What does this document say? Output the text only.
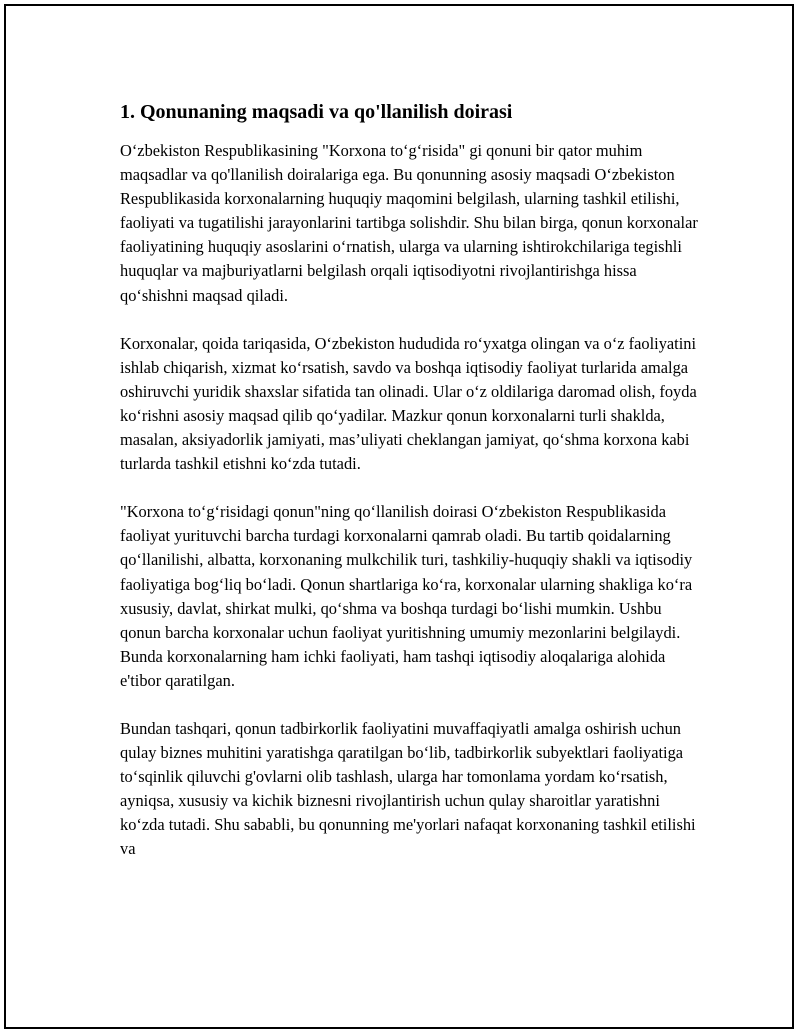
1. Qonunaning maqsadi va qo'llanilish doirasi

O‘zbekiston Respublikasining "Korxona to‘g‘risida" gi qonuni bir qator muhim maqsadlar va qo'llanilish doiralariga ega. Bu qonunning asosiy maqsadi O‘zbekiston Respublikasida korxonalarning huquqiy maqomini belgilash, ularning tashkil etilishi, faoliyati va tugatilishi jarayonlarini tartibga solishdir. Shu bilan birga, qonun korxonalar faoliyatining huquqiy asoslarini o‘rnatish, ularga va ularning ishtirokchilariga tegishli huquqlar va majburiyatlarni belgilash orqali iqtisodiyotni rivojlantirishga hissa qo‘shishni maqsad qiladi.

Korxonalar, qoida tariqasida, O‘zbekiston hududida ro‘yxatga olingan va o‘z faoliyatini ishlab chiqarish, xizmat ko‘rsatish, savdo va boshqa iqtisodiy faoliyat turlarida amalga oshiruvchi yuridik shaxslar sifatida tan olinadi. Ular o‘z oldilariga daromad olish, foyda ko‘rishni asosiy maqsad qilib qo‘yadilar. Mazkur qonun korxonalarni turli shaklda, masalan, aksiyadorlik jamiyati, mas’uliyati cheklangan jamiyat, qo‘shma korxona kabi turlarda tashkil etishni ko‘zda tutadi.

"Korxona to‘g‘risidagi qonun"ning qo‘llanilish doirasi O‘zbekiston Respublikasida faoliyat yurituvchi barcha turdagi korxonalarni qamrab oladi. Bu tartib qoidalarning qo‘llanilishi, albatta, korxonaning mulkchilik turi, tashkiliy-huquqiy shakli va iqtisodiy faoliyatiga bog‘liq bo‘ladi. Qonun shartlariga ko‘ra, korxonalar ularning shakliga ko‘ra xususiy, davlat, shirkat mulki, qo‘shma va boshqa turdagi bo‘lishi mumkin. Ushbu qonun barcha korxonalar uchun faoliyat yuritishning umumiy mezonlarini belgilaydi. Bunda korxonalarning ham ichki faoliyati, ham tashqi iqtisodiy aloqalariga alohida e'tibor qaratilgan.

Bundan tashqari, qonun tadbirkorlik faoliyatini muvaffaqiyatli amalga oshirish uchun qulay biznes muhitini yaratishga qaratilgan bo‘lib, tadbirkorlik subyektlari faoliyatiga to‘sqinlik qiluvchi g'ovlarni olib tashlash, ularga har tomonlama yordam ko‘rsatish, ayniqsa, xususiy va kichik biznesni rivojlantirish uchun qulay sharoitlar yaratishni ko‘zda tutadi. Shu sababli, bu qonunning me'yorlari nafaqat korxonaning tashkil etilishi va
